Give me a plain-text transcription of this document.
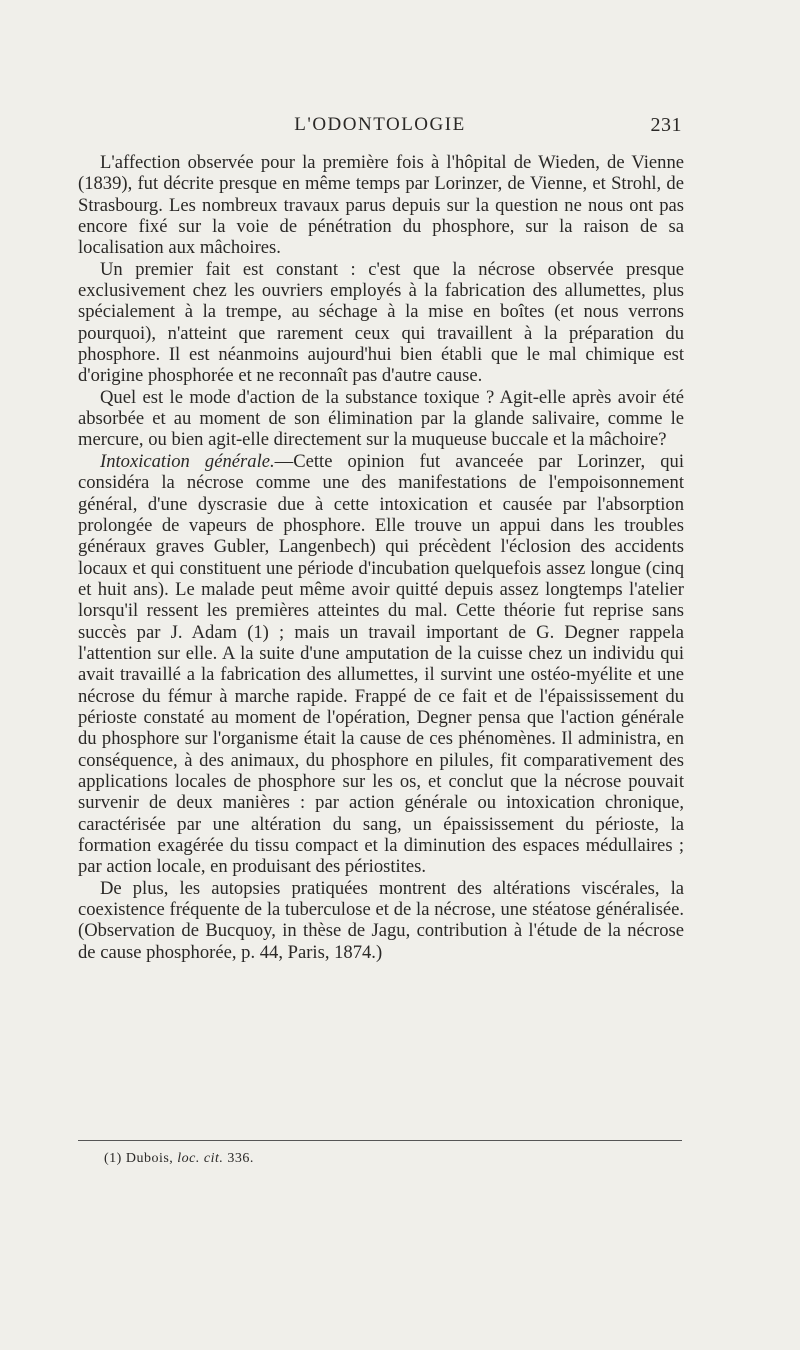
L'ODONTOLOGIE	231

L'affection observée pour la première fois à l'hôpital de Wieden, de Vienne (1839), fut décrite presque en même temps par Lorinzer, de Vienne, et Strohl, de Strasbourg. Les nombreux travaux parus depuis sur la question ne nous ont pas encore fixé sur la voie de pénétration du phosphore, sur la raison de sa localisation aux mâchoires.

Un premier fait est constant : c'est que la nécrose observée presque exclusivement chez les ouvriers employés à la fabrication des allumettes, plus spécialement à la trempe, au séchage à la mise en boîtes (et nous verrons pourquoi), n'atteint que rarement ceux qui travaillent à la préparation du phosphore. Il est néanmoins aujourd'hui bien établi que le mal chimique est d'origine phosphorée et ne reconnaît pas d'autre cause.

Quel est le mode d'action de la substance toxique ? Agit-elle après avoir été absorbée et au moment de son élimination par la glande salivaire, comme le mercure, ou bien agit-elle directement sur la muqueuse buccale et la mâchoire?

Intoxication générale.—Cette opinion fut avanceée par Lorinzer, qui considéra la nécrose comme une des manifestations de l'empoisonnement général, d'une dyscrasie due à cette intoxication et causée par l'absorption prolongée de vapeurs de phosphore. Elle trouve un appui dans les troubles généraux graves Gubler, Langenbech) qui précèdent l'éclosion des accidents locaux et qui constituent une période d'incubation quelquefois assez longue (cinq et huit ans). Le malade peut même avoir quitté depuis assez longtemps l'atelier lorsqu'il ressent les premières atteintes du mal. Cette théorie fut reprise sans succès par J. Adam (1) ; mais un travail important de G. Degner rappela l'attention sur elle. A la suite d'une amputation de la cuisse chez un individu qui avait travaillé a la fabrication des allumettes, il survint une ostéo-myélite et une nécrose du fémur à marche rapide. Frappé de ce fait et de l'épaississement du périoste constaté au moment de l'opération, Degner pensa que l'action générale du phosphore sur l'organisme était la cause de ces phénomènes. Il administra, en conséquence, à des animaux, du phosphore en pilules, fit comparativement des applications locales de phosphore sur les os, et conclut que la nécrose pouvait survenir de deux manières : par action générale ou intoxication chronique, caractérisée par une altération du sang, un épaississement du périoste, la formation exagérée du tissu compact et la diminution des espaces médullaires ; par action locale, en produisant des périostites.

De plus, les autopsies pratiquées montrent des altérations viscérales, la coexistence fréquente de la tuberculose et de la nécrose, une stéatose généralisée. (Observation de Bucquoy, in thèse de Jagu, contribution à l'étude de la nécrose de cause phosphorée, p. 44, Paris, 1874.)

(1) Dubois, loc. cit. 336.
